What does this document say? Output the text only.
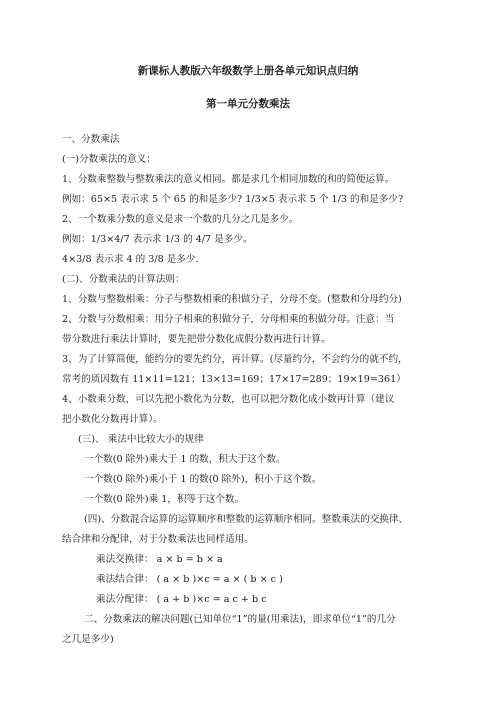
新课标人教版六年级数学上册各单元知识点归纳
第一单元分数乘法
一、分数乘法
(一)分数乘法的意义：
1、分数乘整数与整数乘法的意义相同。都是求几个相同加数的和的简便运算。
例如：65×5 表示求 5 个 65 的和是多少? 1/3×5 表示求 5 个 1/3 的和是多少?
2、一个数乘分数的意义是求一个数的几分之几是多少。
例如：1/3×4/7 表示求 1/3 的 4/7 是多少。
4×3/8 表示求 4 的 3/8 是多少.
(二)、分数乘法的计算法则：
1、分数与整数相乘：分子与整数相乘的积做分子，分母不变。(整数和分母约分)
2、分数与分数相乘：用分子相乘的积做分子，分母相乘的积做分母。注意：当
带分数进行乘法计算时，要先把带分数化成假分数再进行计算。
3、为了计算简便，能约分的要先约分，再计算。(尽量约分，不会约分的就不约，
常考的质因数有 11×11=121；13×13=169；17×17=289；19×19=361）
4、小数乘分数，可以先把小数化为分数，也可以把分数化成小数再计算（建议
把小数化分数再计算）。
(三)、 乘法中比较大小的规律
一个数(0 除外)乘大于 1 的数，积大于这个数。
一个数(0 除外)乘小于 1 的数(0 除外)，积小于这个数。
一个数(0 除外)乘 1，积等于这个数。
(四)、分数混合运算的运算顺序和整数的运算顺序相同。整数乘法的交换律、
结合律和分配律，对于分数乘法也同样适用。
乘法交换律： a × b = b × a
乘法结合律： ( a × b )×c = a × ( b × c )
乘法分配律： ( a + b )×c = a c + b c
二、分数乘法的解决问题(已知单位“1”的量(用乘法)，即求单位“1”的几分
之几是多少)
